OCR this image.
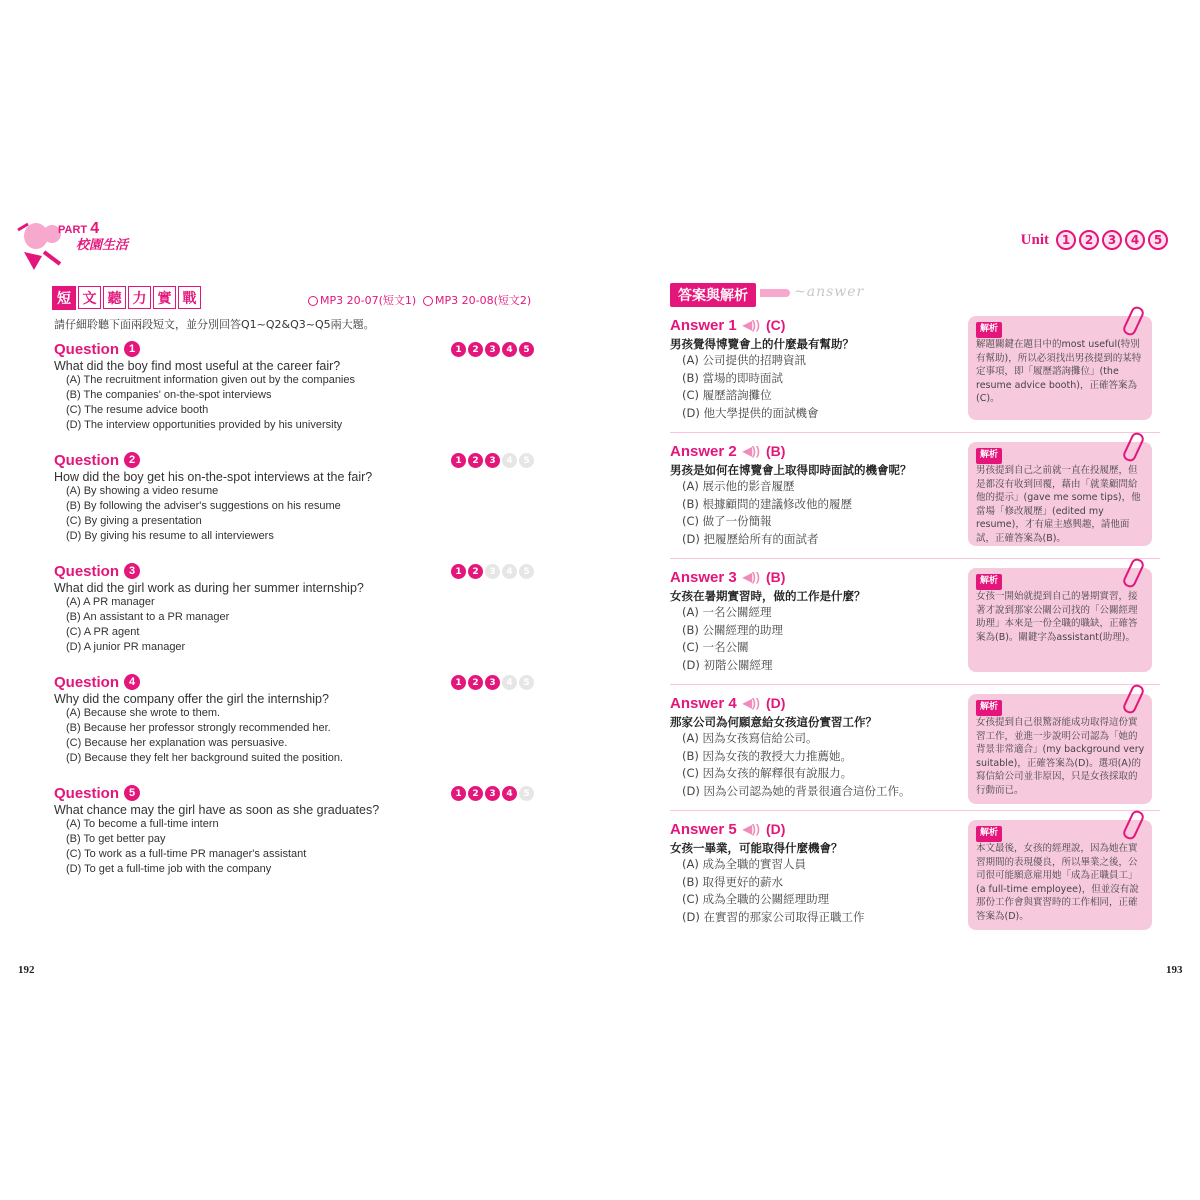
PART 4
校園生活	Unit	1	2	3	4	5
短 文 聽 力 實 戰	MP3 20-07(短文1)	MP3 20-08(短文2)
請仔細聆聽下面兩段短文，並分別回答Q1~Q2&Q3~Q5兩大題。
Question 1	1	2	3	4	5
What did the boy find most useful at the career fair?
(A) The recruitment information given out by the companies
(B) The companies' on-the-spot interviews
(C) The resume advice booth
(D) The interview opportunities provided by his university
Question 2	1	2	3	4	5
How did the boy get his on-the-spot interviews at the fair?
(A) By showing a video resume
(B) By following the adviser's suggestions on his resume
(C) By giving a presentation
(D) By giving his resume to all interviewers
Question 3	1	2	3	4	5
What did the girl work as during her summer internship?
(A) A PR manager
(B) An assistant to a PR manager
(C) A PR agent
(D) A junior PR manager
Question 4	1	2	3	4	5
Why did the company offer the girl the internship?
(A) Because she wrote to them.
(B) Because her professor strongly recommended her.
(C) Because her explanation was persuasive.
(D) Because they felt her background suited the position.
Question 5	1	2	3	4	5
What chance may the girl have as soon as she graduates?
(A) To become a full-time intern
(B) To get better pay
(C) To work as a full-time PR manager's assistant
(D) To get a full-time job with the company
192
答案與解析	~answer
Answer
1 ◀)) (C)
男孩覺得博覽會上的什麼最有幫助？
(A) 公司提供的招聘資訊
(B) 當場的即時面試
(C) 履歷諮詢攤位
(D) 他大學提供的面試機會
解析
解題關鍵在題目中的most useful(特別有幫助)，所以必須找出男孩提到的某特定事項，即「履歷諮詢攤位」(the resume advice booth)，正確答案為(C)。
Answer
2 ◀)) (B)
男孩是如何在博覽會上取得即時面試的機會呢？
(A) 展示他的影音履歷
(B) 根據顧問的建議修改他的履歷
(C) 做了一份簡報
(D) 把履歷給所有的面試者
解析
男孩提到自己之前就一直在投履歷，但是都沒有收到回覆，藉由「就業顧問給他的提示」(gave me some tips)，他當場「修改履歷」(edited my resume)，才有雇主感興趣，請他面試，正確答案為(B)。
Answer
3 ◀)) (B)
女孩在暑期實習時，做的工作是什麼？
(A) 一名公關經理
(B) 公關經理的助理
(C) 一名公關
(D) 初階公關經理
解析
女孩一開始就提到自己的暑期實習，接著才說到那家公關公司找的「公關經理助理」本來是一份全職的職缺，正確答案為(B)。關鍵字為assistant(助理)。
Answer
4 ◀)) (D)
那家公司為何願意給女孩這份實習工作？
(A) 因為女孩寫信給公司。
(B) 因為女孩的教授大力推薦她。
(C) 因為女孩的解釋很有說服力。
(D) 因為公司認為她的背景很適合這份工作。
解析
女孩提到自己很驚訝能成功取得這份實習工作，並進一步說明公司認為「她的背景非常適合」(my background very suitable)，正確答案為(D)。選項(A)的寫信給公司並非原因，只是女孩採取的行動而已。
Answer
5 ◀)) (D)
女孩一畢業，可能取得什麼機會？
(A) 成為全職的實習人員
(B) 取得更好的薪水
(C) 成為全職的公關經理助理
(D) 在實習的那家公司取得正職工作
解析
本文最後，女孩的經理說，因為她在實習期間的表現優良，所以畢業之後，公司很可能願意雇用她「成為正職員工」(a full-time employee)，但並沒有說那份工作會與實習時的工作相同，正確答案為(D)。
193
